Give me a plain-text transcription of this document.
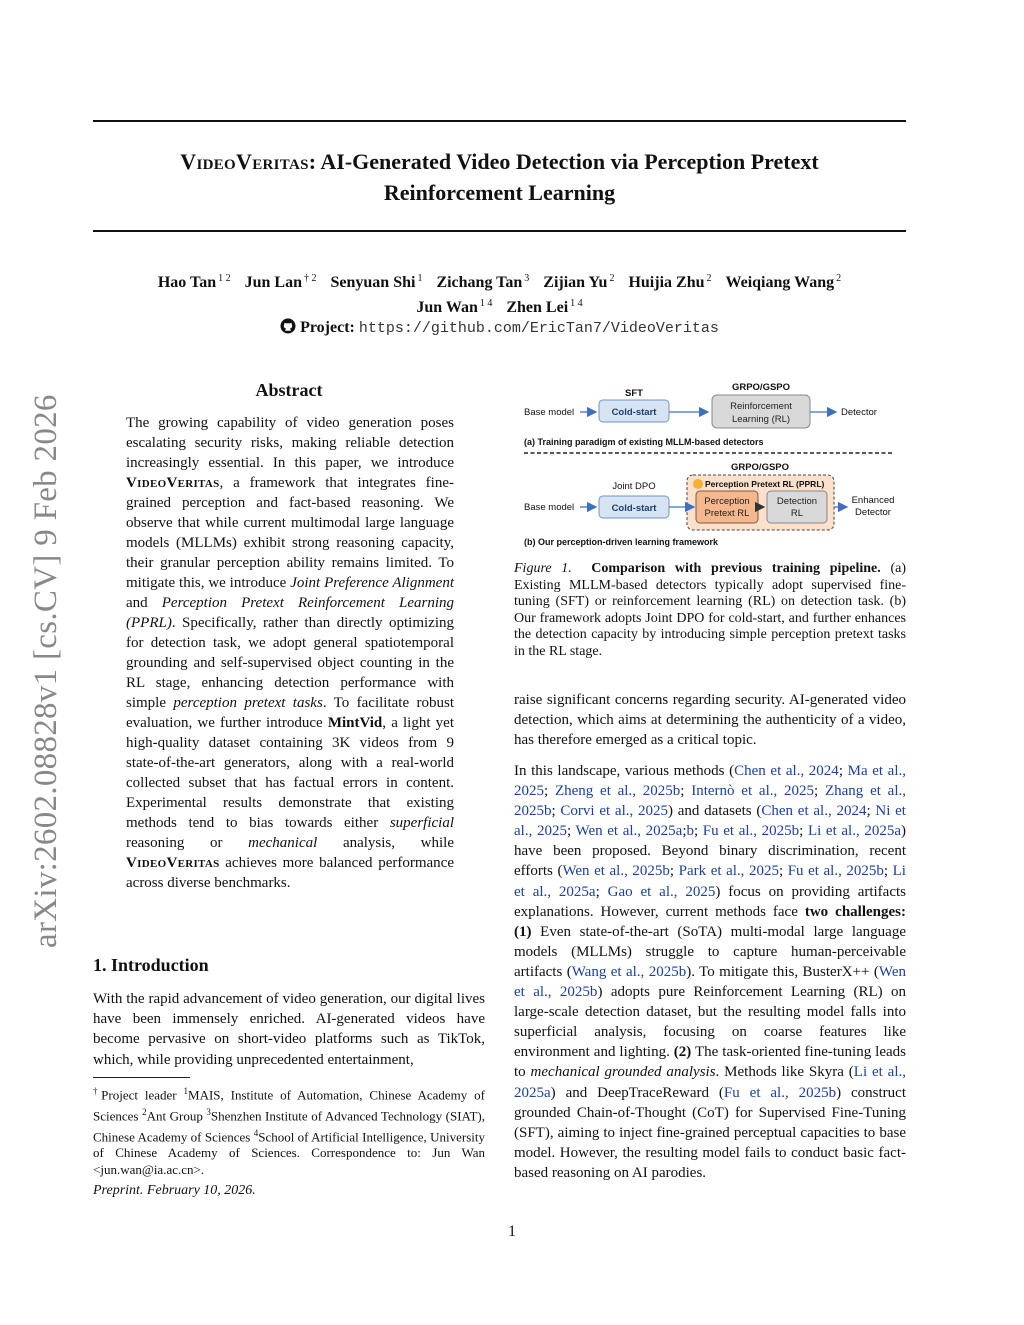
VideoVeritas: AI-Generated Video Detection via Perception Pretext
Reinforcement Learning
Hao Tan $^{1 2}$ Jun Lan $^{\dagger 2}$ Senyuan Shi $^1$ Zichang Tan $^3$ Zijian Yu $^2$ Huijia Zhu $^2$ Weiqiang Wang $^2$
Jun Wan $^{1 4}$ Zhen Lei $^{1 4}$
Project: https://github.com/EricTan7/VideoVeritas
arXiv:2602.08828v1 [cs.CV] 9 Feb 2026
Abstract
The growing capability of video generation poses escalating security risks, making reliable detection increasingly essential. In this paper, we introduce VideoVeritas, a framework that integrates fine-grained perception and fact-based reasoning. We observe that while current multimodal large language models (MLLMs) exhibit strong reasoning capacity, their granular perception ability remains limited. To mitigate this, we introduce Joint Preference Alignment and Perception Pretext Reinforcement Learning (PPRL). Specifically, rather than directly optimizing for detection task, we adopt general spatiotemporal grounding and self-supervised object counting in the RL stage, enhancing detection performance with simple perception pretext tasks. To facilitate robust evaluation, we further introduce MintVid, a light yet high-quality dataset containing 3K videos from 9 state-of-the-art generators, along with a real-world collected subset that has factual errors in content. Experimental results demonstrate that existing methods tend to bias towards either superficial reasoning or mechanical analysis, while VideoVeritas achieves more balanced performance across diverse benchmarks.
1. Introduction
With the rapid advancement of video generation, our digital lives have been immensely enriched. AI-generated videos have become pervasive on short-video platforms such as TikTok, which, while providing unprecedented entertainment,
†Project leader $^1$MAIS, Institute of Automation, Chinese Academy of Sciences $^2$Ant Group $^3$Shenzhen Institute of Advanced Technology (SIAT), Chinese Academy of Sciences $^4$School of Artificial Intelligence, University of Chinese Academy of Sciences. Correspondence to: Jun Wan <jun.wan@ia.ac.cn>.
Preprint. February 10, 2026.
1
Base model
SFT
Cold-start
GRPO/GSPO
Reinforcement
Learning (RL)
Detector
(a) Training paradigm of existing MLLM-based detectors
GRPO/GSPO
Perception Pretext RL (PPRL)
Base model
Joint DPO
Cold-start
Perception
Pretext RL
Detection
RL
Enhanced
Detector
(b) Our perception-driven learning framework
Figure 1. Comparison with previous training pipeline. (a) Existing MLLM-based detectors typically adopt supervised fine-tuning (SFT) or reinforcement learning (RL) on detection task. (b) Our framework adopts Joint DPO for cold-start, and further enhances the detection capacity by introducing simple perception pretext tasks in the RL stage.
raise significant concerns regarding security. AI-generated video detection, which aims at determining the authenticity of a video, has therefore emerged as a critical topic.
In this landscape, various methods (Chen et al., 2024; Ma et al., 2025; Zheng et al., 2025b; Internò et al., 2025; Zhang et al., 2025b; Corvi et al., 2025) and datasets (Chen et al., 2024; Ni et al., 2025; Wen et al., 2025a;b; Fu et al., 2025b; Li et al., 2025a) have been proposed. Beyond binary discrimination, recent efforts (Wen et al., 2025b; Park et al., 2025; Fu et al., 2025b; Li et al., 2025a; Gao et al., 2025) focus on providing artifacts explanations. However, current methods face two challenges: (1) Even state-of-the-art (SoTA) multi-modal large language models (MLLMs) struggle to capture human-perceivable artifacts (Wang et al., 2025b). To mitigate this, BusterX++ (Wen et al., 2025b) adopts pure Reinforcement Learning (RL) on large-scale detection dataset, but the resulting model falls into superficial analysis, focusing on coarse features like environment and lighting. (2) The task-oriented fine-tuning leads to mechanical grounded analysis. Methods like Skyra (Li et al., 2025a) and DeepTraceReward (Fu et al., 2025b) construct grounded Chain-of-Thought (CoT) for Supervised Fine-Tuning (SFT), aiming to inject fine-grained perceptual capacities to base model. However, the resulting model fails to conduct basic fact-based reasoning on AI parodies.
